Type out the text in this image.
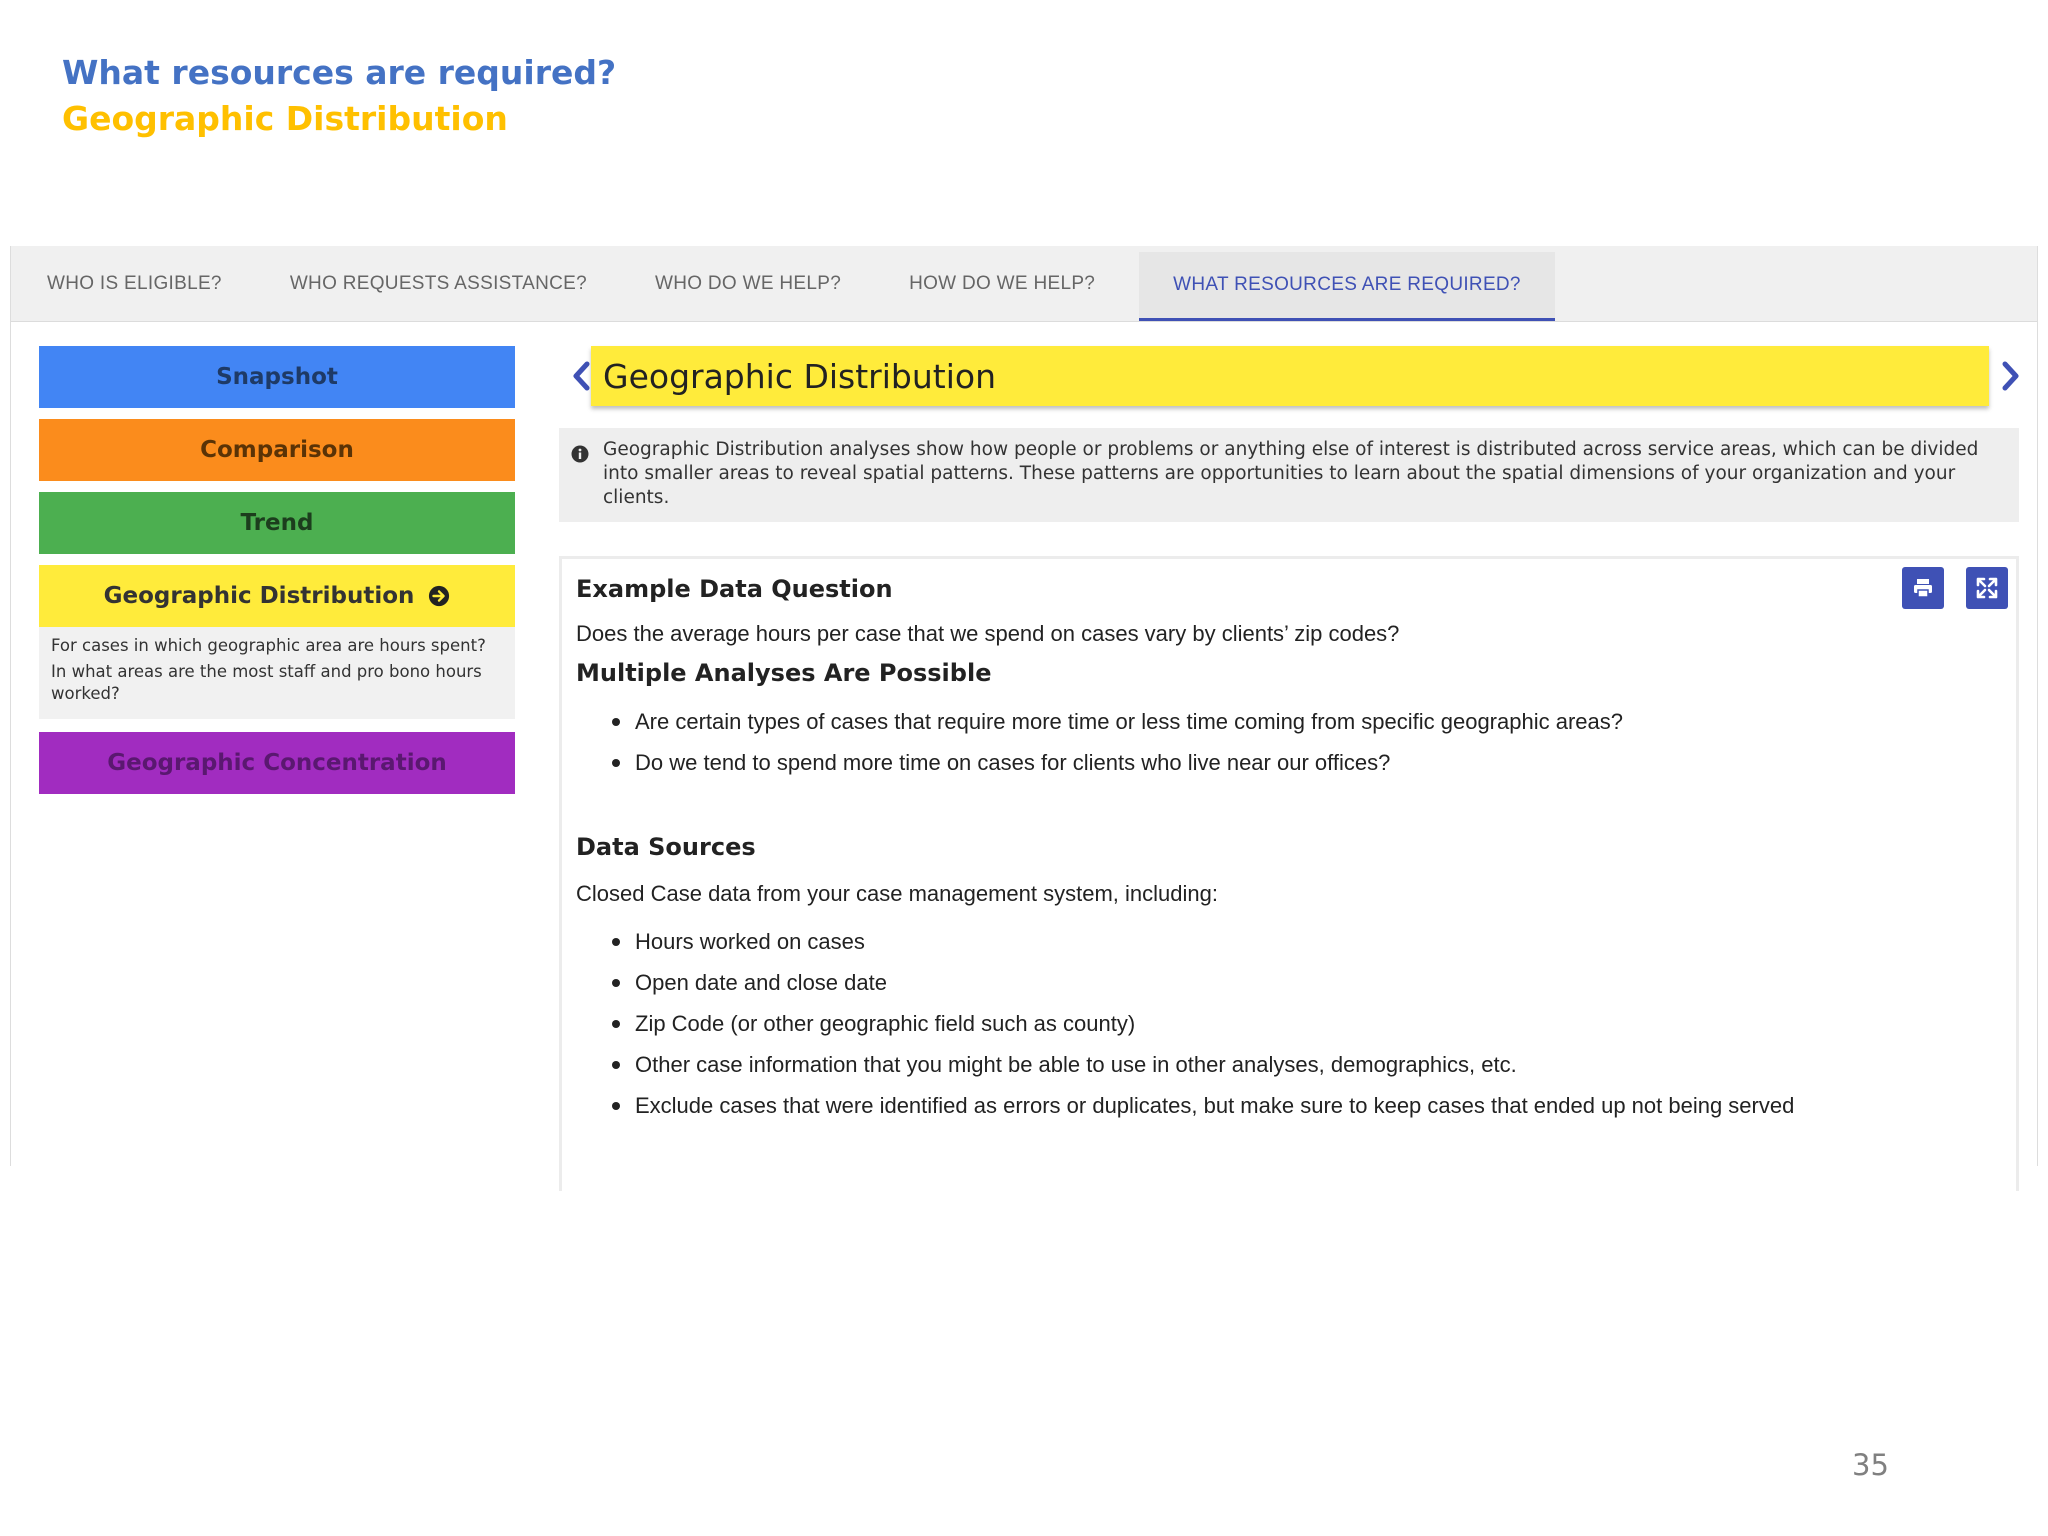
What resources are required?
Geographic Distribution
WHO IS ELIGIBLE?	WHO REQUESTS ASSISTANCE?	WHO DO WE HELP?	HOW DO WE HELP?	WHAT RESOURCES ARE REQUIRED?
Snapshot
Comparison
Trend
Geographic Distribution

For cases in which geographic area are hours spent?

In what areas are the most staff and pro bono hours worked?

Geographic Concentration
Geographic Distribution
Geographic Distribution analyses show how people or problems or anything else of interest is distributed across service areas, which can be divided into smaller areas to reveal spatial patterns. These patterns are opportunities to learn about the spatial dimensions of your organization and your clients.
Example Data Question
Does the average hours per case that we spend on cases vary by clients’ zip codes?
Multiple Analyses Are Possible
Are certain types of cases that require more time or less time coming from specific geographic areas?
Do we tend to spend more time on cases for clients who live near our offices?
Data Sources
Closed Case data from your case management system, including:
Hours worked on cases
Open date and close date
Zip Code (or other geographic field such as county)
Other case information that you might be able to use in other analyses, demographics, etc.
Exclude cases that were identified as errors or duplicates, but make sure to keep cases that ended up not being served
35
